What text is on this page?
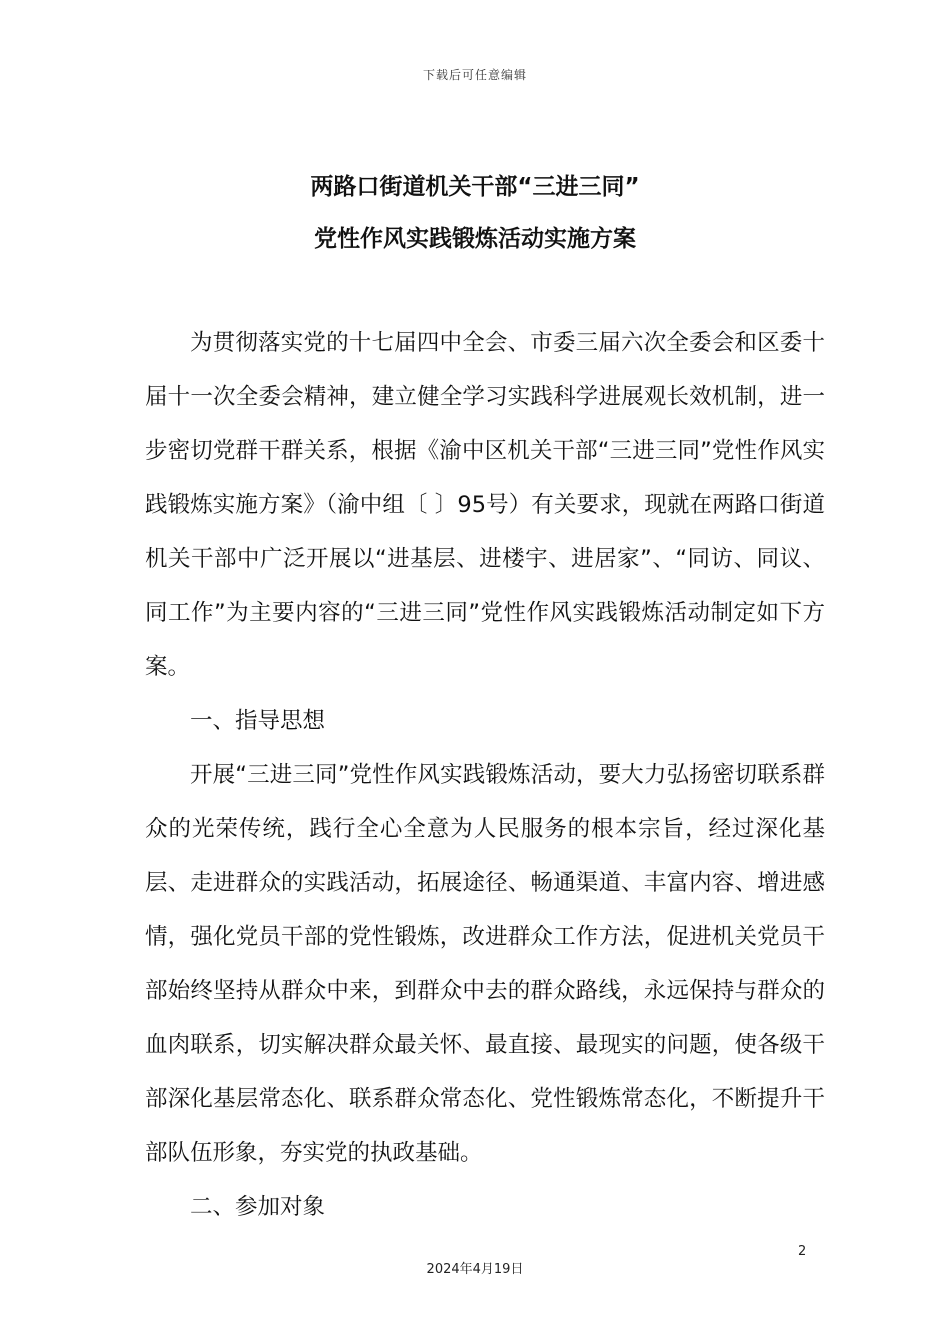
下载后可任意编辑
两路口街道机关干部“三进三同”
党性作风实践锻炼活动实施方案

为贯彻落实党的十七届四中全会、市委三届六次全委会和区委十届十一次全委会精神，建立健全学习实践科学进展观长效机制，进一步密切党群干群关系，根据《渝中区机关干部“三进三同”党性作风实践锻炼实施方案》（渝中组〔 〕95号）有关要求，现就在两路口街道机关干部中广泛开展以“进基层、进楼宇、进居家”、“同访、同议、同工作”为主要内容的“三进三同”党性作风实践锻炼活动制定如下方案。

一、指导思想

开展“三进三同”党性作风实践锻炼活动，要大力弘扬密切联系群众的光荣传统，践行全心全意为人民服务的根本宗旨，经过深化基层、走进群众的实践活动，拓展途径、畅通渠道、丰富内容、增进感情，强化党员干部的党性锻炼，改进群众工作方法，促进机关党员干部始终坚持从群众中来，到群众中去的群众路线，永远保持与群众的血肉联系，切实解决群众最关怀、最直接、最现实的问题，使各级干部深化基层常态化、联系群众常态化、党性锻炼常态化，不断提升干部队伍形象，夯实党的执政基础。

二、参加对象

2
2024年4月19日
